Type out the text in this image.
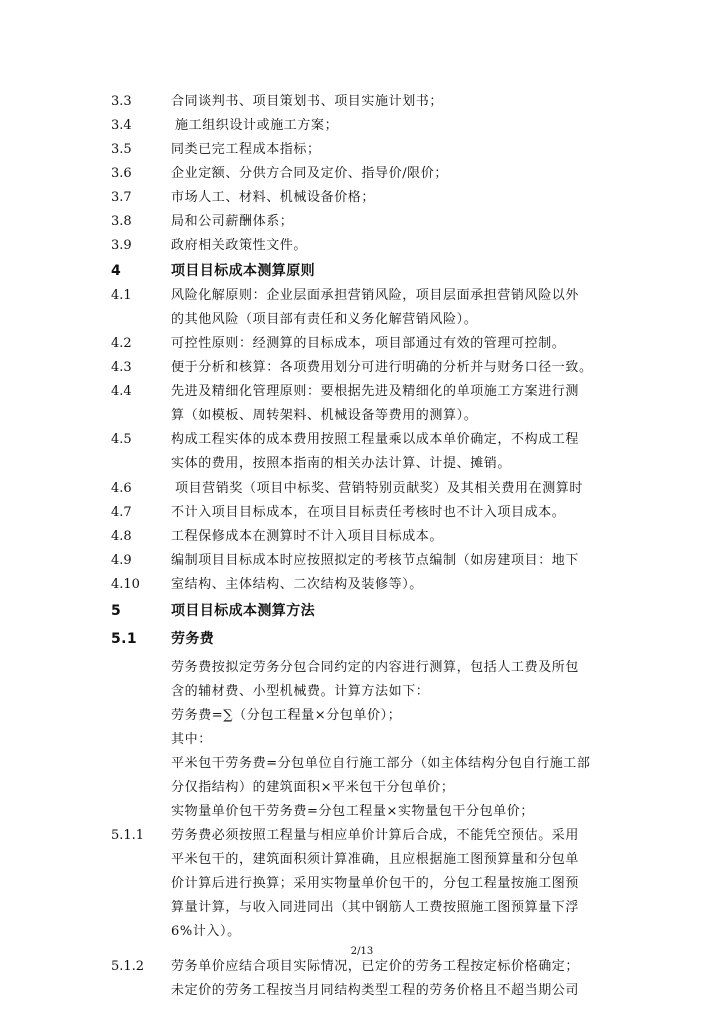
3.3	合同谈判书、项目策划书、项目实施计划书；
3.4	施工组织设计或施工方案；
3.5	同类已完工程成本指标；
3.6	企业定额、分供方合同及定价、指导价/限价；
3.7	市场人工、材料、机械设备价格；
3.8	局和公司薪酬体系；
3.9	政府相关政策性文件。
4	项目目标成本测算原则
4.1	风险化解原则：企业层面承担营销风险，项目层面承担营销风险以外
的其他风险（项目部有责任和义务化解营销风险）。
4.2	可控性原则：经测算的目标成本，项目部通过有效的管理可控制。
4.3	便于分析和核算：各项费用划分可进行明确的分析并与财务口径一致。
4.4	先进及精细化管理原则：要根据先进及精细化的单项施工方案进行测
算（如模板、周转架料、机械设备等费用的测算）。
4.5	构成工程实体的成本费用按照工程量乘以成本单价确定，不构成工程
实体的费用，按照本指南的相关办法计算、计提、摊销。
4.6	项目营销奖（项目中标奖、营销特别贡献奖）及其相关费用在测算时
4.7	不计入项目目标成本，在项目目标责任考核时也不计入项目成本。
4.8	工程保修成本在测算时不计入项目目标成本。
4.9	编制项目目标成本时应按照拟定的考核节点编制（如房建项目：地下
4.10 室结构、主体结构、二次结构及装修等）。
5	项目目标成本测算方法
5.1 劳务费
劳务费按拟定劳务分包合同约定的内容进行测算，包括人工费及所包
含的辅材费、小型机械费。计算方法如下：
劳务费=∑（分包工程量×分包单价）；
其中：
平米包干劳务费=分包单位自行施工部分（如主体结构分包自行施工部
分仅指结构）的建筑面积×平米包干分包单价；
实物量单价包干劳务费=分包工程量×实物量包干分包单价；
5.1.1 劳务费必须按照工程量与相应单价计算后合成，不能凭空预估。采用
平米包干的，建筑面积须计算准确，且应根据施工图预算量和分包单
价计算后进行换算；采用实物量单价包干的，分包工程量按施工图预
算量计算，与收入同进同出（其中钢筋人工费按照施工图预算量下浮
6%计入）。
5.1.2 劳务单价应结合项目实际情况，已定价的劳务工程按定标价格确定；
未定价的劳务工程按当月同结构类型工程的劳务价格且不超当期公司
2/13
